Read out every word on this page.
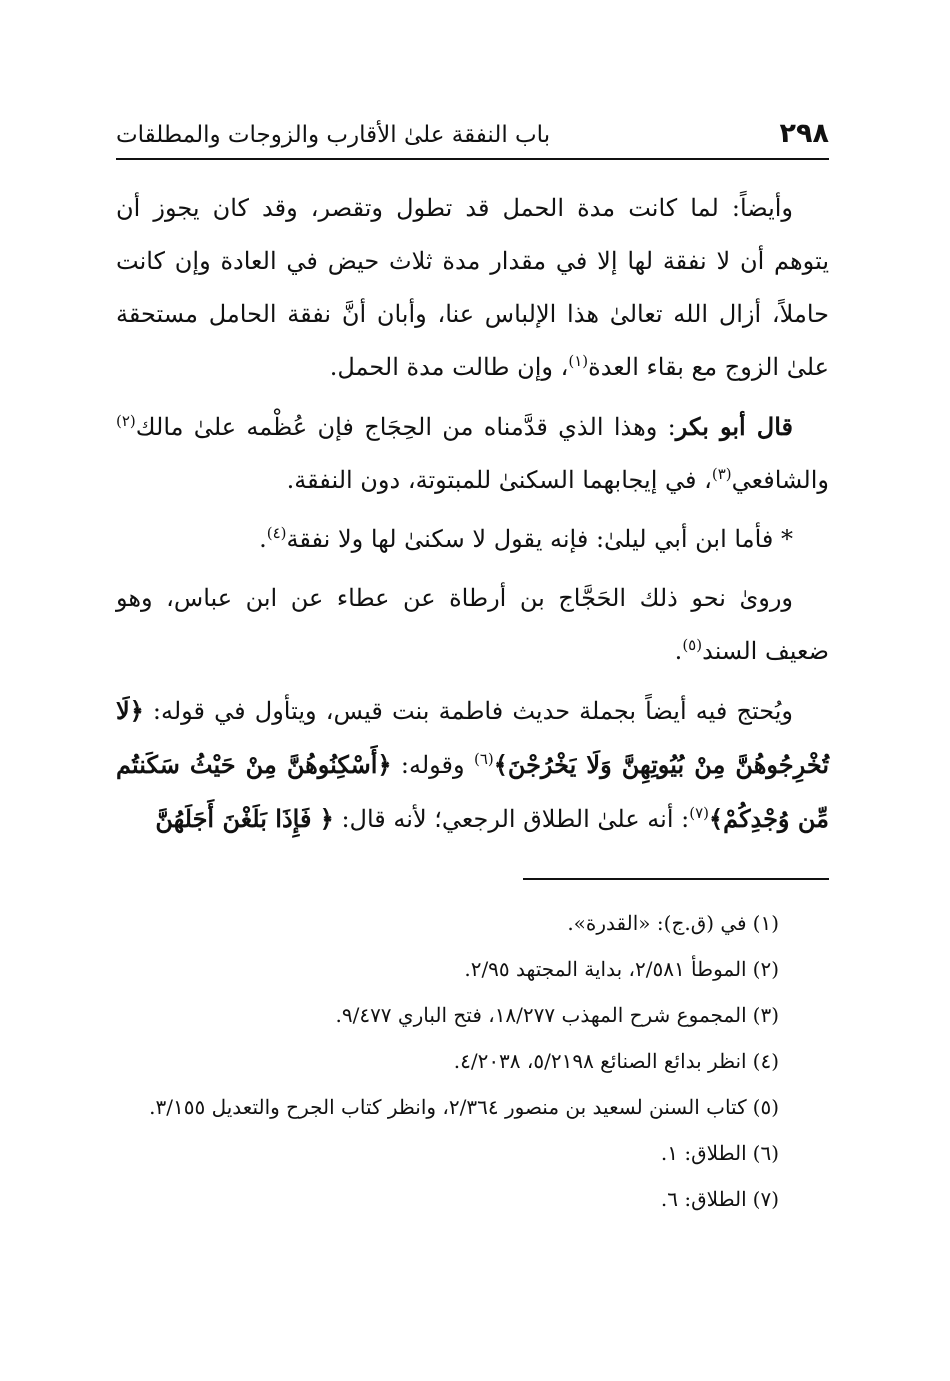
٢٩٨
باب النفقة علىٰ الأقارب والزوجات والمطلقات

وأيضاً: لما كانت مدة الحمل قد تطول وتقصر، وقد كان يجوز أن يتوهم أن لا نفقة لها إلا في مقدار مدة ثلاث حيض في العادة وإن كانت حاملاً، أزال الله تعالىٰ هذا الإلباس عنا، وأبان أنَّ نفقة الحامل مستحقة علىٰ الزوج مع بقاء العدة$^{(١)}$، وإن طالت مدة الحمل.

قال أبو بكر: وهذا الذي قدَّمناه من الحِجَاج فإن عُظْمه علىٰ مالك$^{(٢)}$ والشافعي$^{(٣)}$، في إيجابهما السكنىٰ للمبتوتة، دون النفقة.

* فأما ابن أبي ليلىٰ: فإنه يقول لا سكنىٰ لها ولا نفقة$^{(٤)}$.

وروىٰ نحو ذلك الحَجَّاج بن أرطاة عن عطاء عن ابن عباس، وهو ضعيف السند$^{(٥)}$.

ويُحتج فيه أيضاً بجملة حديث فاطمة بنت قيس، ويتأول في قوله: ﴿لَا تُخْرِجُوهُنَّ مِنْ بُيُوتِهِنَّ وَلَا يَخْرُجْنَ﴾$^{(٦)}$ وقوله: ﴿أَسْكِنُوهُنَّ مِنْ حَيْثُ سَكَنتُم مِّن وُجْدِكُمْ﴾$^{(٧)}$: أنه علىٰ الطلاق الرجعي؛ لأنه قال: ﴿ فَإِذَا بَلَغْنَ أَجَلَهُنَّ

(١)في (ق.ج): «القدرة».

(٢)الموطأ ٢/٥٨١، بداية المجتهد ٢/٩٥.

(٣)المجموع شرح المهذب ١٨/٢٧٧، فتح الباري ٩/٤٧٧.

(٤)انظر بدائع الصنائع ٥/٢١٩٨، ٤/٢٠٣٨.

(٥)كتاب السنن لسعيد بن منصور ٢/٣٦٤، وانظر كتاب الجرح والتعديل ٣/١٥٥.

(٦)الطلاق: ١.

(٧)الطلاق: ٦.
